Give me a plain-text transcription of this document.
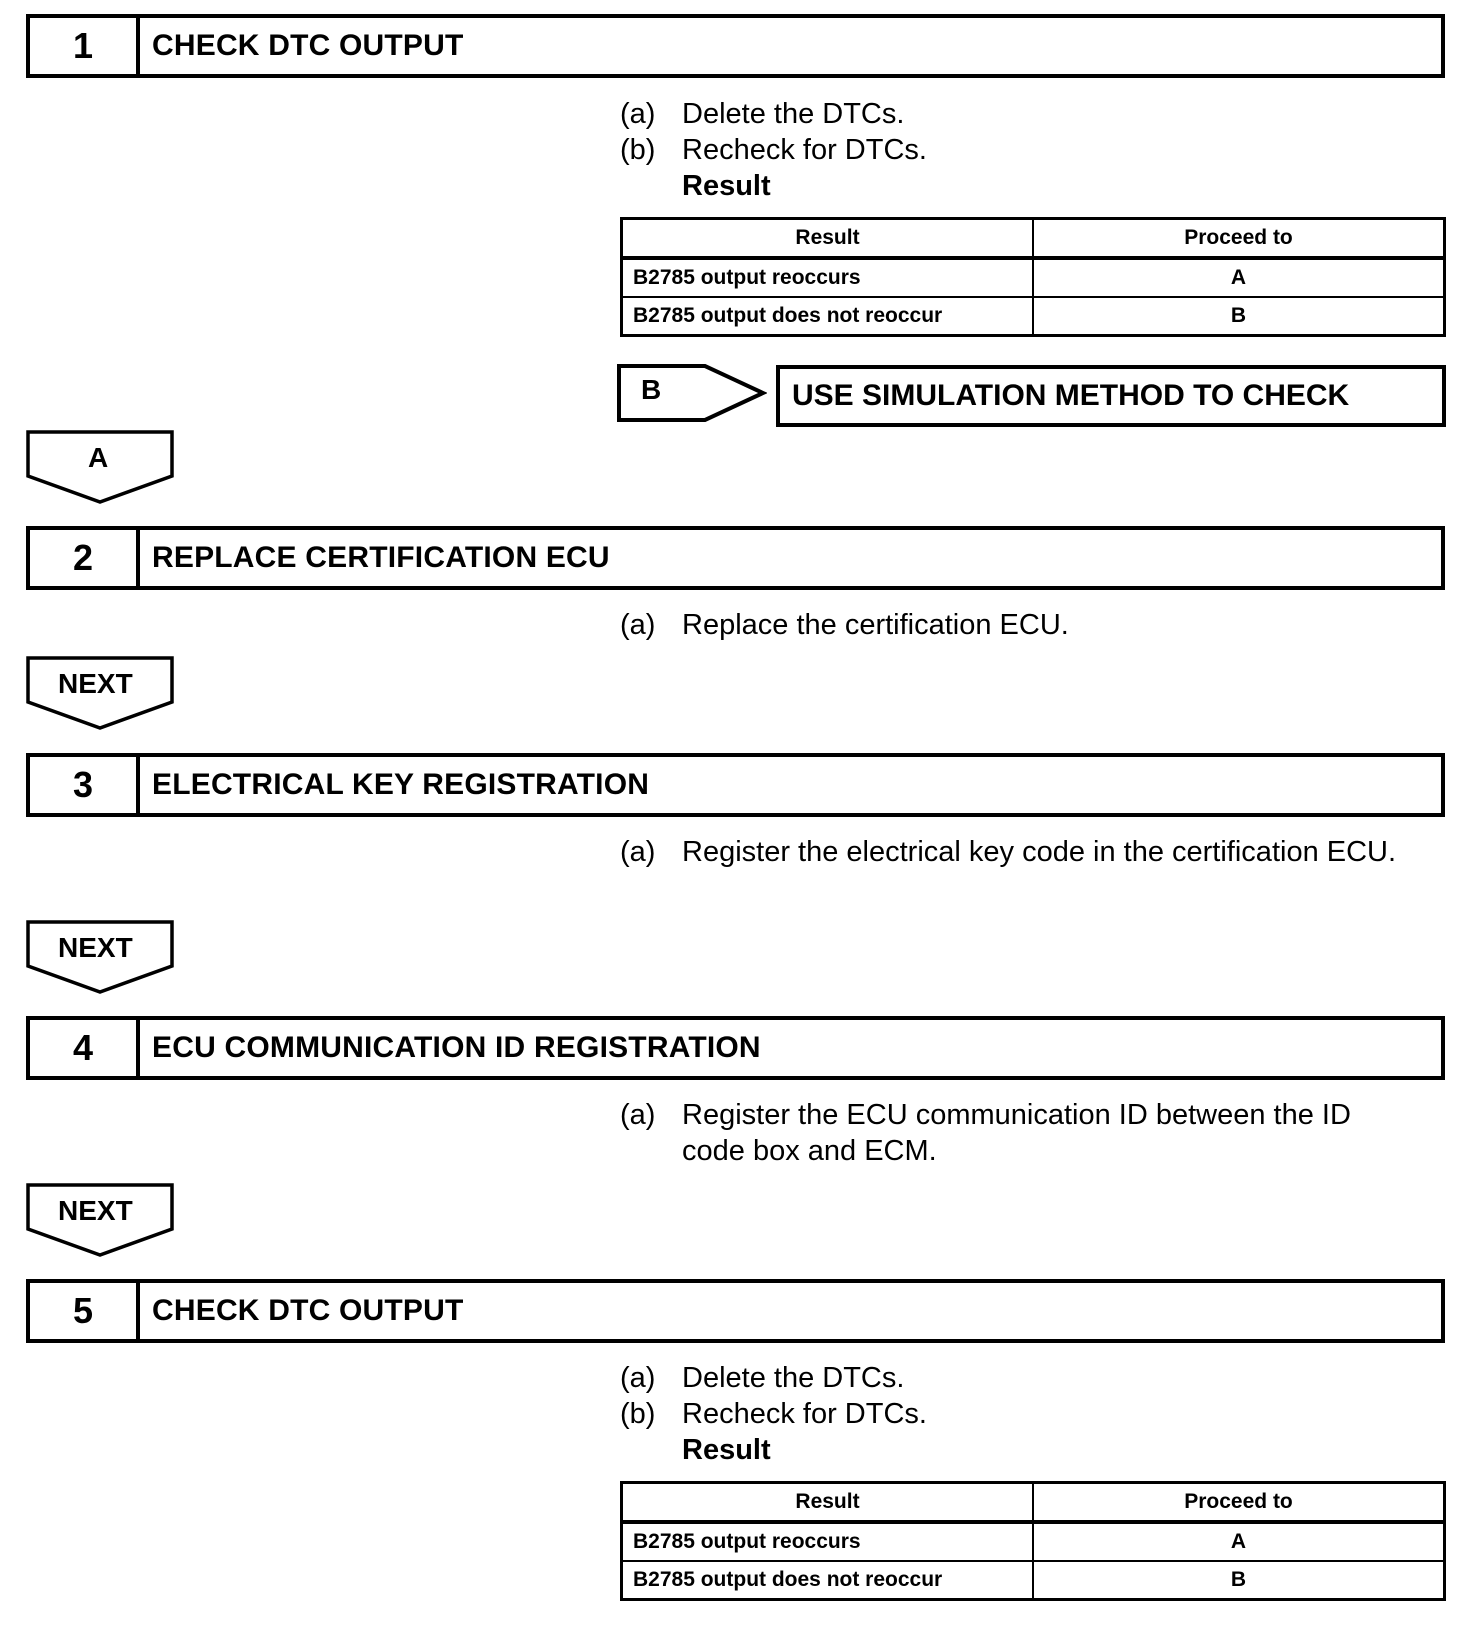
1	CHECK DTC OUTPUT
(a) Delete the DTCs.
(b) Recheck for DTCs.
Result
Result	Proceed to
B2785 output reoccurs	A
B2785 output does not reoccur	B
B	USE SIMULATION METHOD TO CHECK
A
2	REPLACE CERTIFICATION ECU
(a) Replace the certification ECU.
NEXT
3	ELECTRICAL KEY REGISTRATION
(a) Register the electrical key code in the certification ECU.
NEXT
4	ECU COMMUNICATION ID REGISTRATION
(a) Register the ECU communication ID between the ID
code box and ECM.
NEXT
5	CHECK DTC OUTPUT
(a) Delete the DTCs.
(b) Recheck for DTCs.
Result
Result	Proceed to
B2785 output reoccurs	A
B2785 output does not reoccur	B
